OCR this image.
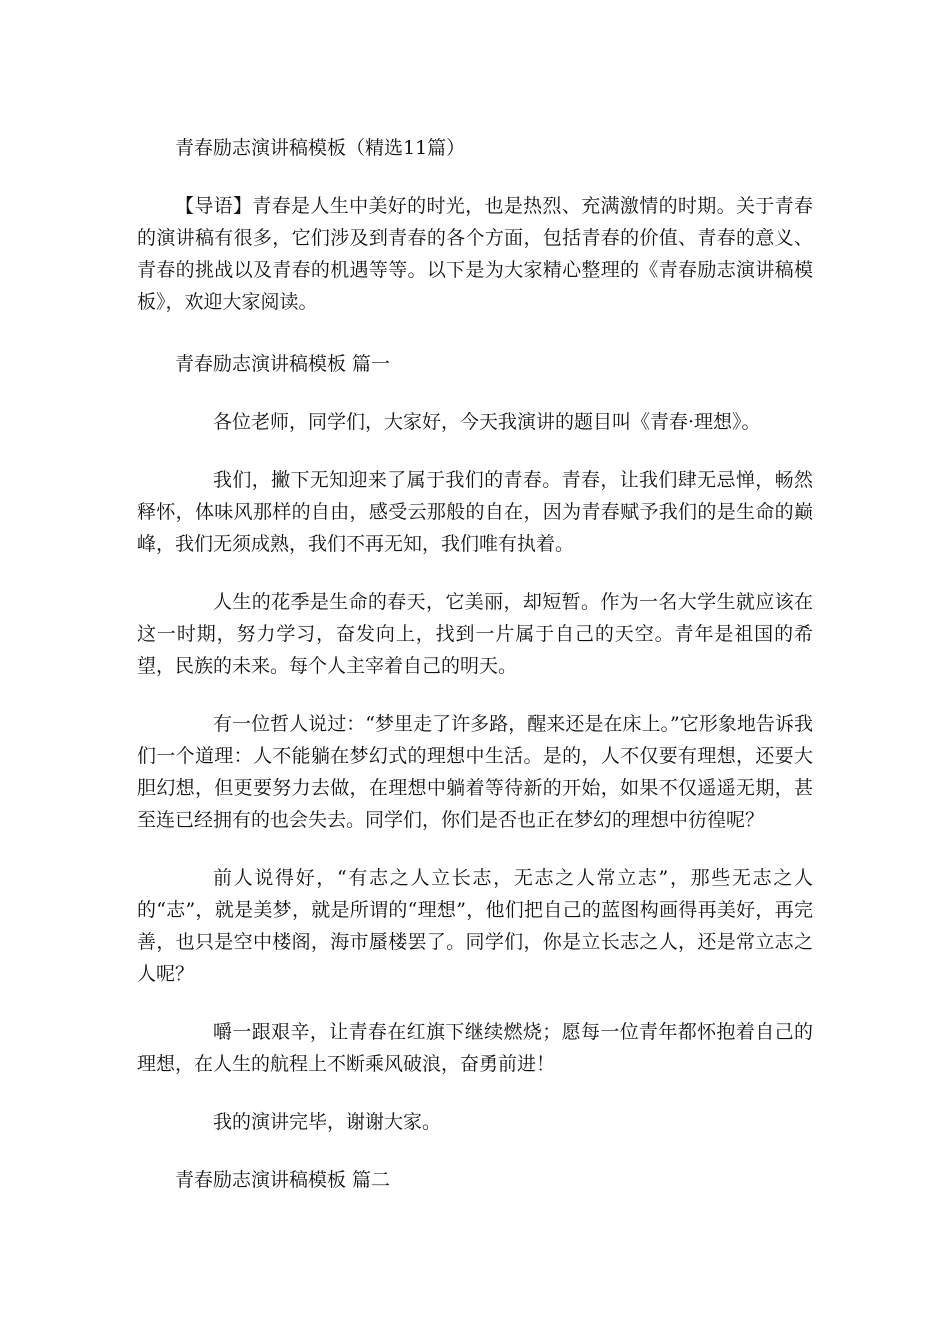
青春励志演讲稿模板（精选11篇）

【导语】青春是人生中美好的时光，也是热烈、充满激情的时期。关于青春的演讲稿有很多，它们涉及到青春的各个方面，包括青春的价值、青春的意义、青春的挑战以及青春的机遇等等。以下是为大家精心整理的《青春励志演讲稿模板》，欢迎大家阅读。

青春励志演讲稿模板 篇一

各位老师，同学们，大家好，今天我演讲的题目叫《青春·理想》。

我们，撇下无知迎来了属于我们的青春。青春，让我们肆无忌惮，畅然释怀，体味风那样的自由，感受云那般的自在，因为青春赋予我们的是生命的巅峰，我们无须成熟，我们不再无知，我们唯有执着。

人生的花季是生命的春天，它美丽，却短暂。作为一名大学生就应该在这一时期，努力学习，奋发向上，找到一片属于自己的天空。青年是祖国的希望，民族的未来。每个人主宰着自己的明天。

有一位哲人说过：“梦里走了许多路，醒来还是在床上。”它形象地告诉我们一个道理：人不能躺在梦幻式的理想中生活。是的，人不仅要有理想，还要大胆幻想，但更要努力去做，在理想中躺着等待新的开始，如果不仅遥遥无期，甚至连已经拥有的也会失去。同学们，你们是否也正在梦幻的理想中彷徨呢？

前人说得好，“有志之人立长志，无志之人常立志”，那些无志之人的“志”，就是美梦，就是所谓的“理想”，他们把自己的蓝图构画得再美好，再完善，也只是空中楼阁，海市蜃楼罢了。同学们，你是立长志之人，还是常立志之人呢？

嚼一跟艰辛，让青春在红旗下继续燃烧；愿每一位青年都怀抱着自己的理想，在人生的航程上不断乘风破浪，奋勇前进！

我的演讲完毕，谢谢大家。

青春励志演讲稿模板 篇二
